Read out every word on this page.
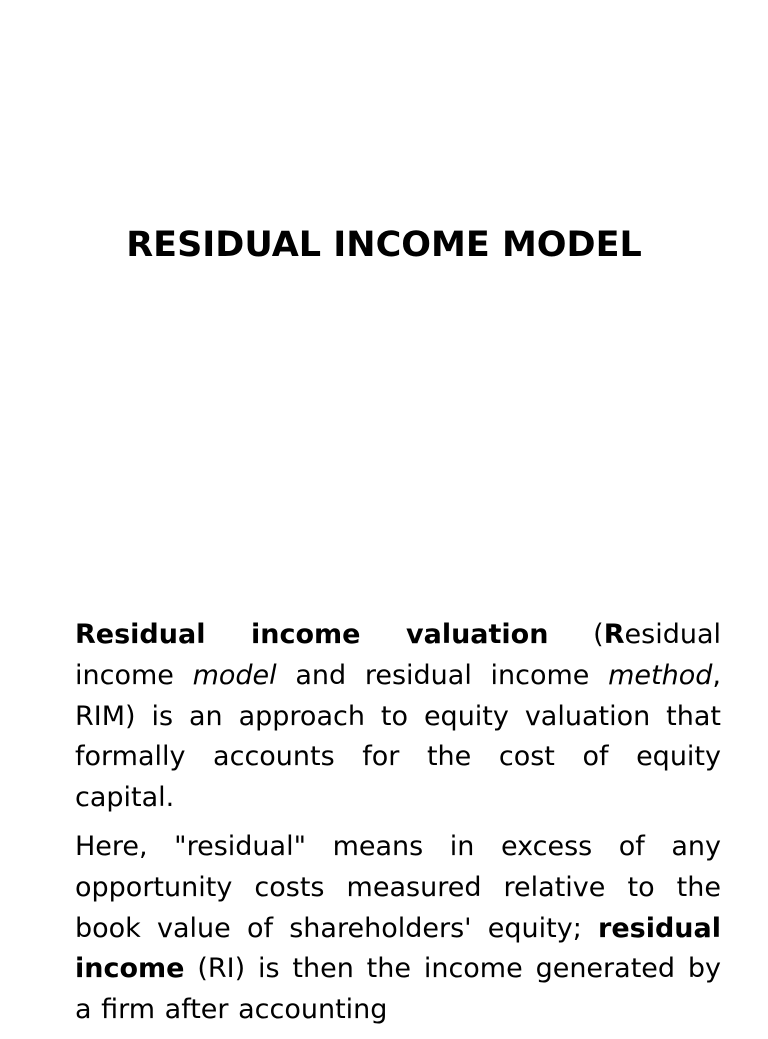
RESIDUAL INCOME MODEL

Residual income valuation (Residual income model and residual income method, RIM) is an approach to equity valuation that formally accounts for the cost of equity capital.

Here, "residual" means in excess of any opportunity costs measured relative to the book value of shareholders' equity; residual income (RI) is then the income generated by a firm after accounting
